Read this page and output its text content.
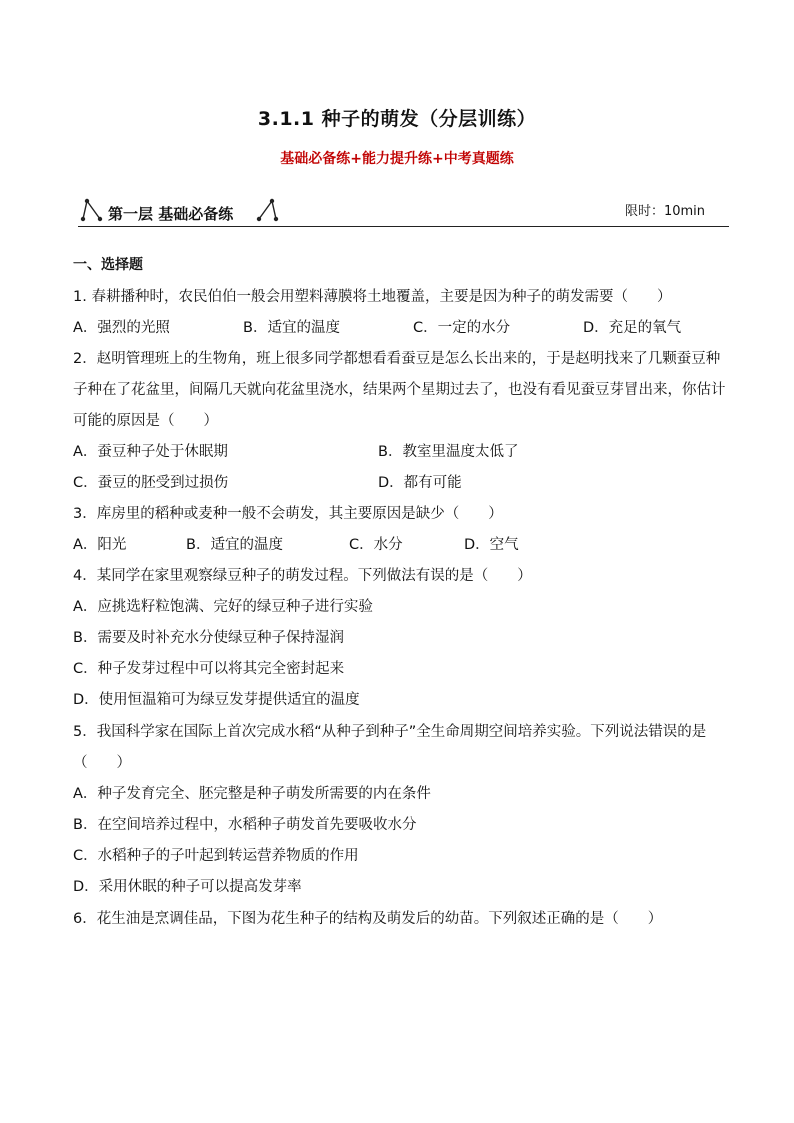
3.1.1 种子的萌发（分层训练）
基础必备练+能力提升练+中考真题练
第一层 基础必备练	限时：10min
一、选择题
1. 春耕播种时，农民伯伯一般会用塑料薄膜将土地覆盖，主要是因为种子的萌发需要（　　）
A．强烈的光照	B．适宜的温度	C．一定的水分	D．充足的氧气
2．赵明管理班上的生物角，班上很多同学都想看看蚕豆是怎么长出来的，于是赵明找来了几颗蚕豆种子种在了花盆里，间隔几天就向花盆里浇水，结果两个星期过去了，也没有看见蚕豆芽冒出来，你估计可能的原因是（　　）
A．蚕豆种子处于休眠期	B．教室里温度太低了
C．蚕豆的胚受到过损伤	D．都有可能
3．库房里的稻种或麦种一般不会萌发，其主要原因是缺少（　　）
A．阳光	B．适宜的温度	C．水分	D．空气
4．某同学在家里观察绿豆种子的萌发过程。下列做法有误的是（　　）
A．应挑选籽粒饱满、完好的绿豆种子进行实验
B．需要及时补充水分使绿豆种子保持湿润
C．种子发芽过程中可以将其完全密封起来
D．使用恒温箱可为绿豆发芽提供适宜的温度
5．我国科学家在国际上首次完成水稻“从种子到种子”全生命周期空间培养实验。下列说法错误的是（　　）
A．种子发育完全、胚完整是种子萌发所需要的内在条件
B．在空间培养过程中，水稻种子萌发首先要吸收水分
C．水稻种子的子叶起到转运营养物质的作用
D．采用休眠的种子可以提高发芽率
6．花生油是烹调佳品，下图为花生种子的结构及萌发后的幼苗。下列叙述正确的是（　　）
